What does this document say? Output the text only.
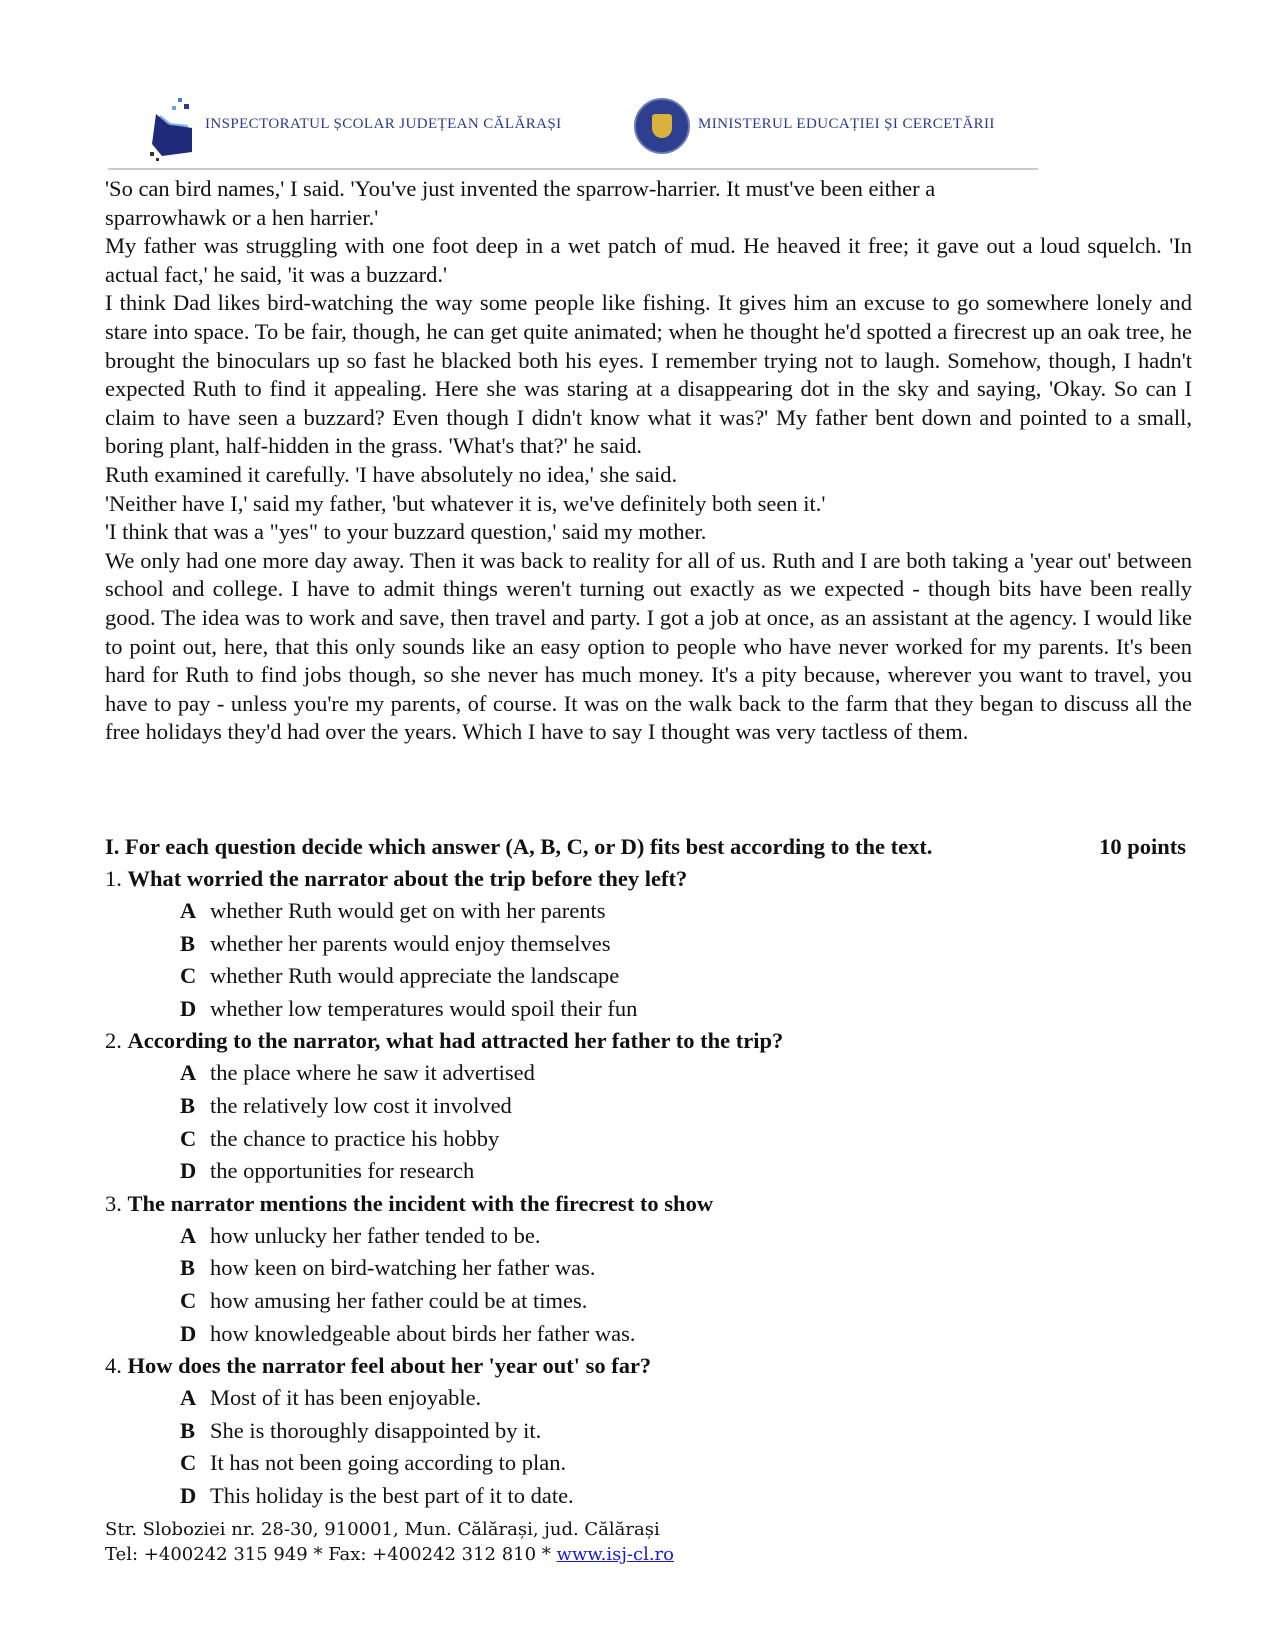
INSPECTORATUL ȘCOLAR JUDEȚEAN CĂLĂRAȘI	MINISTERUL EDUCAȚIEI ȘI CERCETĂRII

'So can bird names,' I said. 'You've just invented the sparrow-harrier. It must've been either a sparrowhawk or a hen harrier.'

My father was struggling with one foot deep in a wet patch of mud. He heaved it free; it gave out a loud squelch. 'In actual fact,' he said, 'it was a buzzard.'

I think Dad likes bird-watching the way some people like fishing. It gives him an excuse to go somewhere lonely and stare into space. To be fair, though, he can get quite animated; when he thought he'd spotted a firecrest up an oak tree, he brought the binoculars up so fast he blacked both his eyes. I remember trying not to laugh. Somehow, though, I hadn't expected Ruth to find it appealing. Here she was staring at a disappearing dot in the sky and saying, 'Okay. So can I claim to have seen a buzzard? Even though I didn't know what it was?' My father bent down and pointed to a small, boring plant, half-hidden in the grass. 'What's that?' he said.

Ruth examined it carefully. 'I have absolutely no idea,' she said.

'Neither have I,' said my father, 'but whatever it is, we've definitely both seen it.'

'I think that was a "yes" to your buzzard question,' said my mother.

We only had one more day away. Then it was back to reality for all of us. Ruth and I are both taking a 'year out' between school and college. I have to admit things weren't turning out exactly as we expected - though bits have been really good. The idea was to work and save, then travel and party. I got a job at once, as an assistant at the agency. I would like to point out, here, that this only sounds like an easy option to people who have never worked for my parents. It's been hard for Ruth to find jobs though, so she never has much money. It's a pity because, wherever you want to travel, you have to pay - unless you're my parents, of course. It was on the walk back to the farm that they began to discuss all the free holidays they'd had over the years. Which I have to say I thought was very tactless of them.

I. For each question decide which answer (A, B, C, or D) fits best according to the text.	10 points
1. What worried the narrator about the trip before they left?
A whether Ruth would get on with her parents
B whether her parents would enjoy themselves
C whether Ruth would appreciate the landscape
D whether low temperatures would spoil their fun
2. According to the narrator, what had attracted her father to the trip?
A the place where he saw it advertised
B the relatively low cost it involved
C the chance to practice his hobby
D the opportunities for research
3. The narrator mentions the incident with the firecrest to show
A how unlucky her father tended to be.
B how keen on bird-watching her father was.
C how amusing her father could be at times.
D how knowledgeable about birds her father was.
4. How does the narrator feel about her 'year out' so far?
A Most of it has been enjoyable.
B She is thoroughly disappointed by it.
C It has not been going according to plan.
D This holiday is the best part of it to date.
Str. Sloboziei nr. 28-30, 910001, Mun. Călărași, jud. Călărași
Tel: +400242 315 949 * Fax: +400242 312 810 * www.isj-cl.ro
